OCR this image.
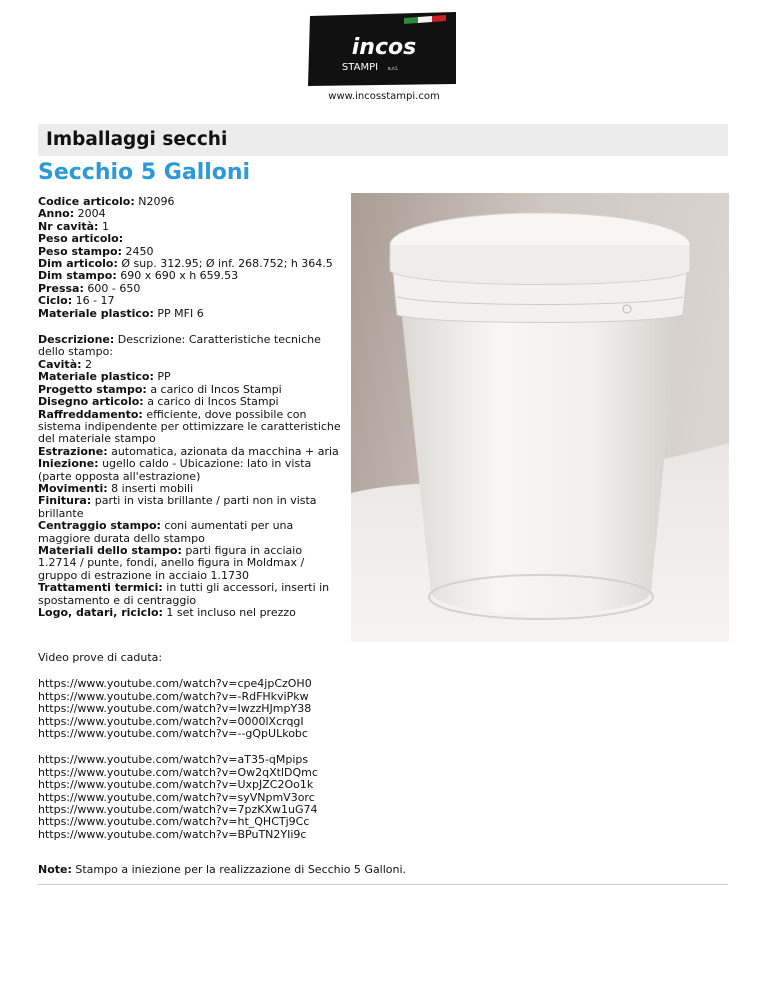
incos
STAMPI s.r.l.
www.incosstampi.com
Imballaggi secchi
Secchio 5 Galloni
Codice articolo: N2096
Anno: 2004
Nr cavità: 1
Peso articolo:
Peso stampo: 2450
Dim articolo: Ø sup. 312.95; Ø inf. 268.752; h 364.5
Dim stampo: 690 x 690 x h 659.53
Pressa: 600 - 650
Ciclo: 16 - 17
Materiale plastico: PP MFI 6
Descrizione: Descrizione: Caratteristiche tecniche dello stampo:
Cavità: 2
Materiale plastico: PP
Progetto stampo: a carico di Incos Stampi
Disegno articolo: a carico di Incos Stampi
Raffreddamento: efficiente, dove possibile con sistema indipendente per ottimizzare le caratteristiche del materiale stampo
Estrazione: automatica, azionata da macchina + aria
Iniezione: ugello caldo - Ubicazione: lato in vista (parte opposta all'estrazione)
Movimenti: 8 inserti mobili
Finitura: parti in vista brillante / parti non in vista brillante
Centraggio stampo: coni aumentati per una maggiore durata dello stampo
Materiali dello stampo: parti figura in acciaio 1.2714 / punte, fondi, anello figura in Moldmax / gruppo di estrazione in acciaio 1.1730
Trattamenti termici: in tutti gli accessori, inserti in spostamento e di centraggio
Logo, datari, riciclo: 1 set incluso nel prezzo
Video prove di caduta:
https://www.youtube.com/watch?v=cpe4jpCzOH0
https://www.youtube.com/watch?v=-RdFHkviPkw
https://www.youtube.com/watch?v=IwzzHJmpY38
https://www.youtube.com/watch?v=0000lXcrqgI
https://www.youtube.com/watch?v=--gQpULkobc
https://www.youtube.com/watch?v=aT35-qMpips
https://www.youtube.com/watch?v=Ow2qXtlDQmc
https://www.youtube.com/watch?v=UxpJZC2Oo1k
https://www.youtube.com/watch?v=syVNpmV3orc
https://www.youtube.com/watch?v=7pzKXw1uG74
https://www.youtube.com/watch?v=ht_QHCTj9Cc
https://www.youtube.com/watch?v=BPuTN2YIi9c
Note: Stampo a iniezione per la realizzazione di Secchio 5 Galloni.
